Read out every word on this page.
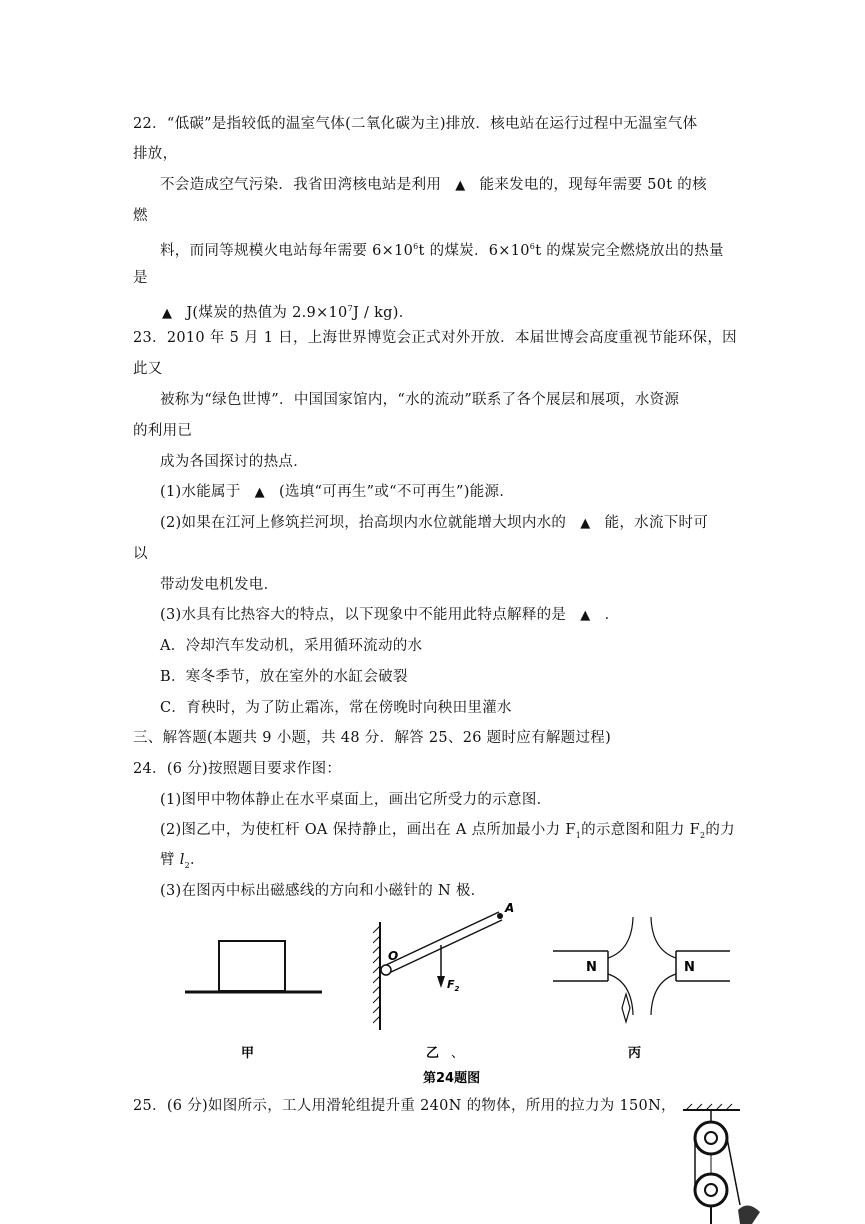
22．“低碳”是指较低的温室气体(二氧化碳为主)排放．核电站在运行过程中无温室气体
排放，
不会造成空气污染．我省田湾核电站是利用 ▲ 能来发电的，现每年需要 50t 的核
燃
料，而同等规模火电站每年需要 $6\times 10^6t$ 的煤炭．$6\times 10^6t$ 的煤炭完全燃烧放出的热量
是
▲ J(煤炭的热值为 $2.9\times 10^7J / kg$)．
23．2010 年 5 月 1 日，上海世界博览会正式对外开放．本届世博会高度重视节能环保，因
此又
被称为“绿色世博”．中国国家馆内，“水的流动”联系了各个展层和展项，水资源
的利用已
成为各国探讨的热点．
(1)水能属于 ▲ (选填“可再生”或“不可再生”)能源．
(2)如果在江河上修筑拦河坝，抬高坝内水位就能增大坝内水的 ▲ 能，水流下时可
以
带动发电机发电．
(3)水具有比热容大的特点，以下现象中不能用此特点解释的是 ▲ ．
A．冷却汽车发动机，采用循环流动的水
B．寒冬季节，放在室外的水缸会破裂
C．育秧时，为了防止霜冻，常在傍晚时向秧田里灌水
三、解答题(本题共 9 小题，共 48 分．解答 25、26 题时应有解题过程)
24．(6 分)按照题目要求作图：
(1)图甲中物体静止在水平桌面上，画出它所受力的示意图．
(2)图乙中，为使杠杆 OA 保持静止，画出在 A 点所加最小力 $F_1$的示意图和阻力 $F_2$的力
臂 $l_2$．
(3)在图丙中标出磁感线的方向和小磁针的 N 极．
A
O
$F_2$
N	N
甲	乙 、	丙
第24题图
25．(6 分)如图所示，工人用滑轮组提升重 240N 的物体，所用的拉力为 150N，
